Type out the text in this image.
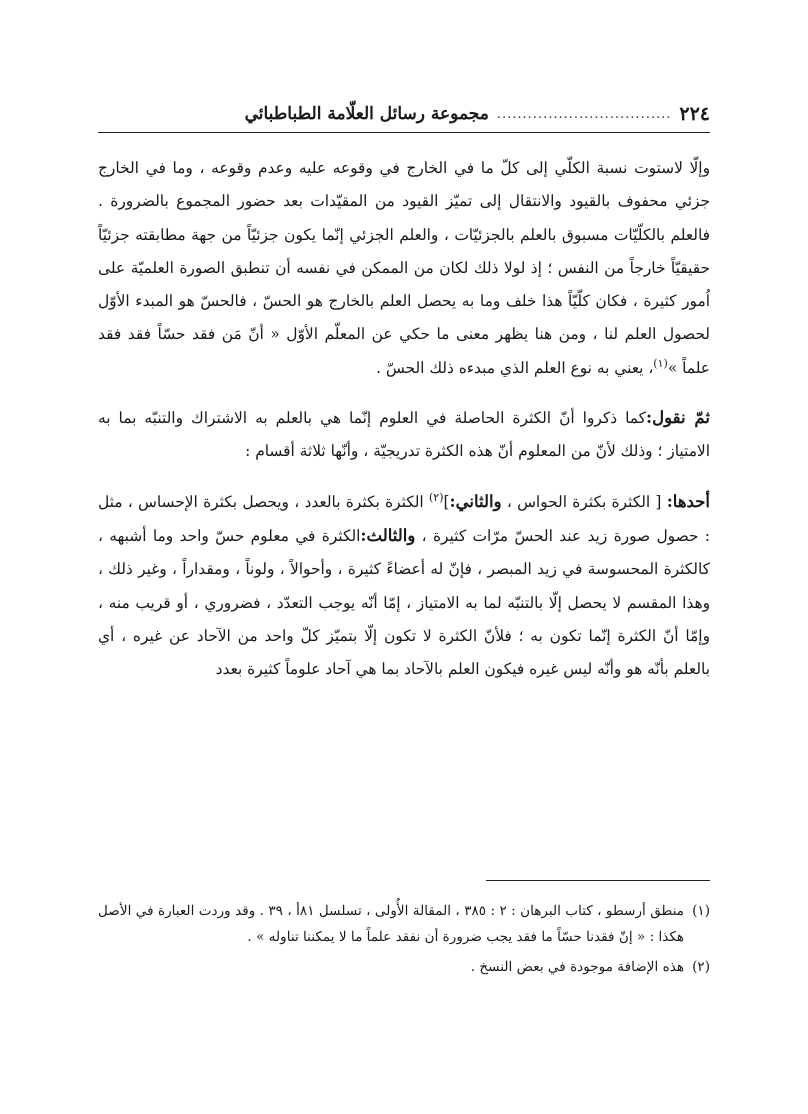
٢٢٤
..................................
مجموعة رسائل العلّامة الطباطبائي

وإلّا لاستوت نسبة الكلّي إلى كلّ ما في الخارج في وقوعه عليه وعدم وقوعه ، وما في الخارج جزئي محفوف بالقيود والانتقال إلى تميّز القيود من المقيّدات بعد حضور المجموع بالضرورة . فالعلم بالكلّيّات مسبوق بالعلم بالجزئيّات ، والعلم الجزئي إنّما يكون جزئيّاً من جهة مطابقته جزئيّاً حقيقيّاً خارجاً من النفس ؛ إذ لولا ذلك لكان من الممكن في نفسه أن تنطبق الصورة العلميّة على اُمور كثيرة ، فكان كلّيّاً هذا خلف وما به يحصل العلم بالخارج هو الحسّ ، فالحسّ هو المبدء الأوّل لحصول العلم لنا ، ومن هنا يظهر معنى ما حكي عن المعلّم الأوّل « أنّ مَن فقد حسّاً فقد فقد علماً »$^{(١)}$، يعني به نوع العلم الذي مبدءه ذلك الحسّ .

ثمّ نقول:كما ذكروا أنّ الكثرة الحاصلة في العلوم إنّما هي بالعلم به الاشتراك والتنبّه بما به الامتياز ؛ وذلك لأنّ من المعلوم أنّ هذه الكثرة تدريجيّة ، وأنّها ثلاثة أقسام :

أحدها: [ الكثرة بكثرة الحواس ، والثاني:]$^{(٢)}$ الكثرة بكثرة بالعدد ، ويحصل بكثرة الإحساس ، مثل : حصول صورة زيد عند الحسّ مرّات كثيرة ، والثالث:الكثرة في معلوم حسّ واحد وما أشبهه ، كالكثرة المحسوسة في زيد المبصر ، فإنّ له أعضاءً كثيرة ، وأحوالاً ، ولوناً ، ومقداراً ، وغير ذلك ، وهذا المقسم لا يحصل إلّا بالتنبّه لما به الامتياز ، إمّا أنّه يوجب التعدّد ، فضروري ، أو قريب منه ، وإمّا أنّ الكثرة إنّما تكون به ؛ فلأنّ الكثرة لا تكون إلّا بتميّز كلّ واحد من الآحاد عن غيره ، أي بالعلم بأنّه هو وأنّه ليس غيره فيكون العلم بالآحاد بما هي آحاد علوماً كثيرة بعدد

(١)
منطق أرسطو ، كتاب البرهان : ٢ : ٣٨٥ ، المقالة الأُولى ، تسلسل ٨١أ ، ٣٩ . وقد وردت العبارة في الأصل هكذا : « إنّ فقدنا حسّاً ما فقد يجب ضرورة أن نفقد علماً ما لا يمكننا تناوله » .
(٢)
هذه الإضافة موجودة في بعض النسخ .
